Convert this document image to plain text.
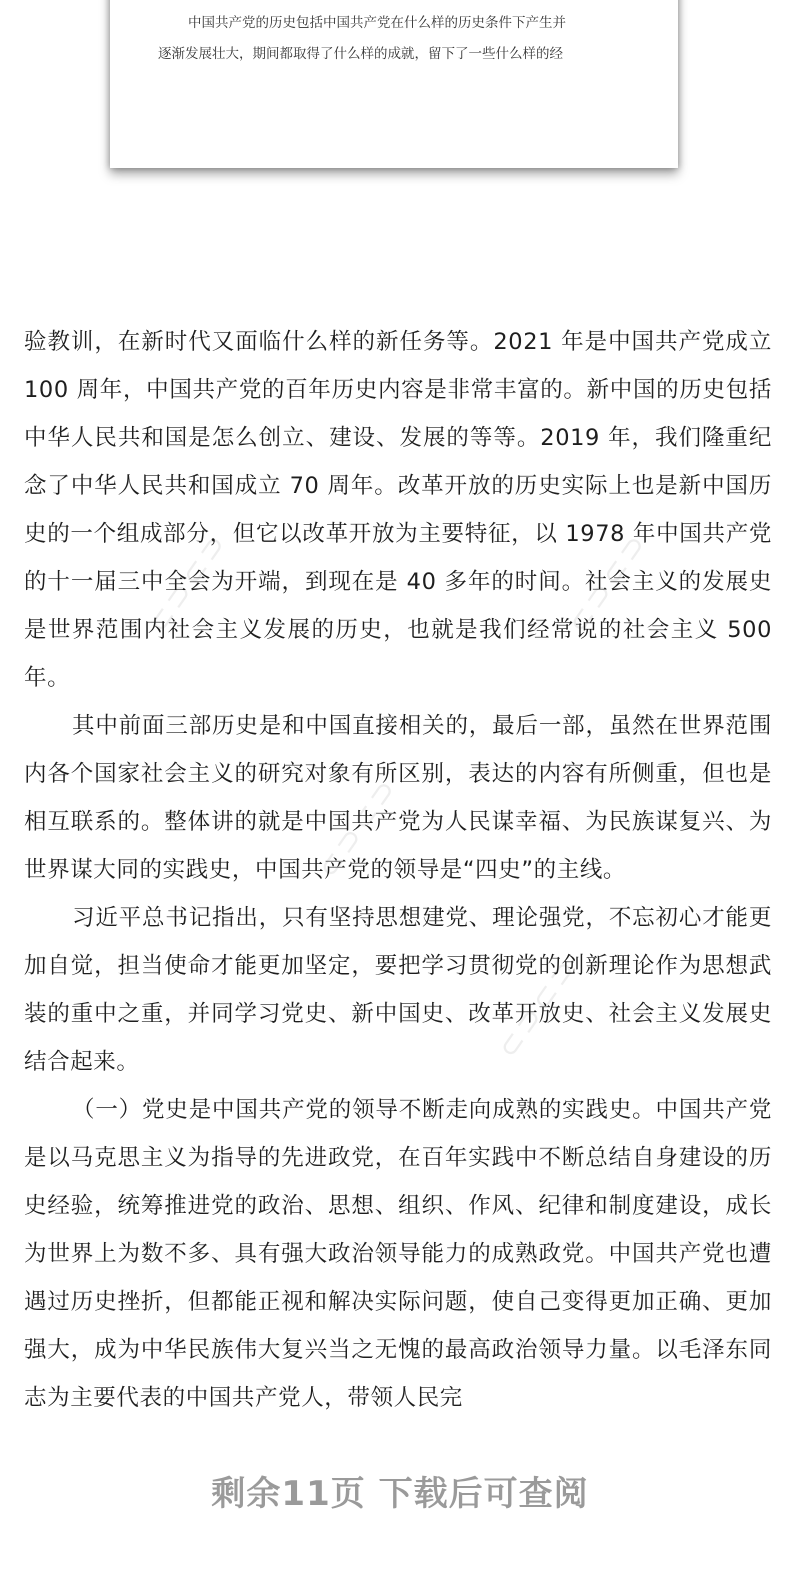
中国共产党的历史包括中国共产党在什么样的历史条件下产生并
逐渐发展壮大，期间都取得了什么样的成就，留下了一些什么样的经
⊂⊃⊂⊃	⊂⊃⊂⊃
⊂⊃⊂⊃
⊂⊃⊂⊃

验教训，在新时代又面临什么样的新任务等。2021 年是中国共产党成立 100 周年，中国共产党的百年历史内容是非常丰富的。新中国的历史包括中华人民共和国是怎么创立、建设、发展的等等。2019 年，我们隆重纪念了中华人民共和国成立 70 周年。改革开放的历史实际上也是新中国历史的一个组成部分，但它以改革开放为主要特征，以 1978 年中国共产党的十一届三中全会为开端，到现在是 40 多年的时间。社会主义的发展史是世界范围内社会主义发展的历史，也就是我们经常说的社会主义 500 年。

其中前面三部历史是和中国直接相关的，最后一部，虽然在世界范围内各个国家社会主义的研究对象有所区别，表达的内容有所侧重，但也是相互联系的。整体讲的就是中国共产党为人民谋幸福、为民族谋复兴、为世界谋大同的实践史，中国共产党的领导是“四史”的主线。

习近平总书记指出，只有坚持思想建党、理论强党，不忘初心才能更加自觉，担当使命才能更加坚定，要把学习贯彻党的创新理论作为思想武装的重中之重，并同学习党史、新中国史、改革开放史、社会主义发展史结合起来。

（一）党史是中国共产党的领导不断走向成熟的实践史。中国共产党是以马克思主义为指导的先进政党，在百年实践中不断总结自身建设的历史经验，统筹推进党的政治、思想、组织、作风、纪律和制度建设，成长为世界上为数不多、具有强大政治领导能力的成熟政党。中国共产党也遭遇过历史挫折，但都能正视和解决实际问题，使自己变得更加正确、更加强大，成为中华民族伟大复兴当之无愧的最高政治领导力量。以毛泽东同志为主要代表的中国共产党人，带领人民完

剩余11页 下载后可查阅
